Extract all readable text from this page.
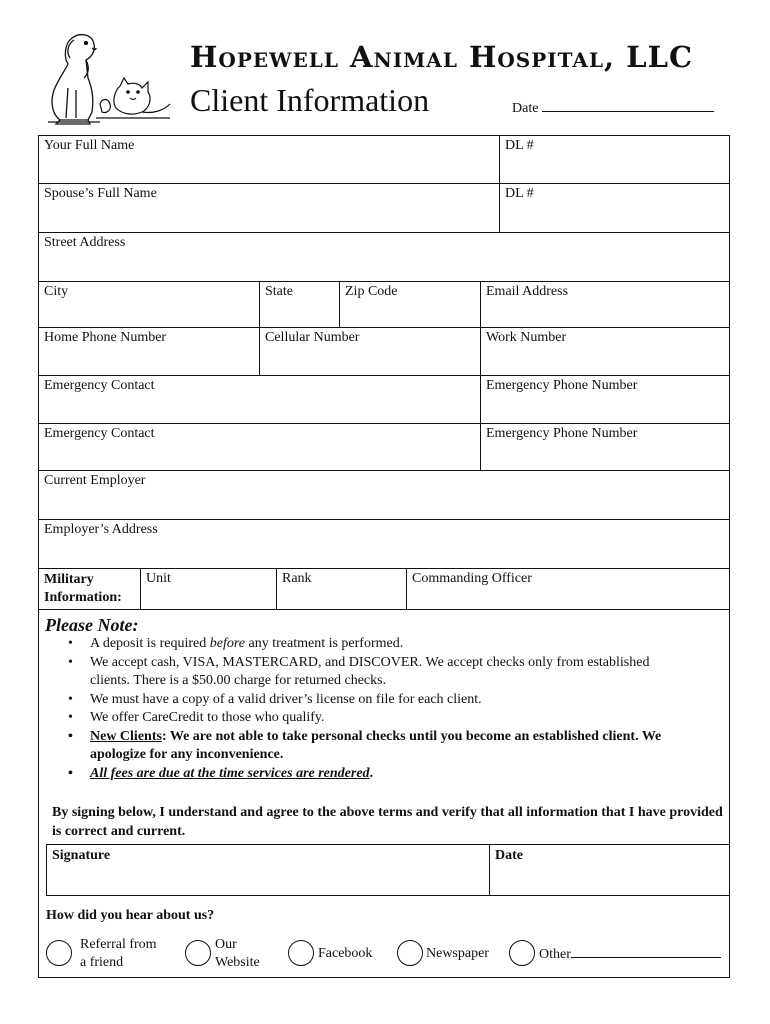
Hopewell Animal Hospital, LLC
Client Information	Date
Your Full Name	DL #
Spouse’s Full Name	DL #
Street Address
City	State	Zip Code	Email Address
Home Phone Number	Cellular Number	Work Number
Emergency Contact	Emergency Phone Number
Emergency Contact	Emergency Phone Number
Current Employer
Employer’s Address
Military
Information:
Unit	Rank	Commanding Officer
Please Note:
• A deposit is required before any treatment is performed.
• We accept cash, VISA, MASTERCARD, and DISCOVER. We accept checks only from established
clients. There is a $50.00 charge for returned checks.
• We must have a copy of a valid driver’s license on file for each client.
• We offer CareCredit to those who qualify.
• New Clients: We are not able to take personal checks until you become an established client. We apologize for any inconvenience.
• All fees are due at the time services are rendered.
By signing below, I understand and agree to the above terms and verify that all information that I have provided is correct and current.
Signature	Date
How did you hear about us?
Referral from
a friend
Our
Website
Facebook	Newspaper	Other
